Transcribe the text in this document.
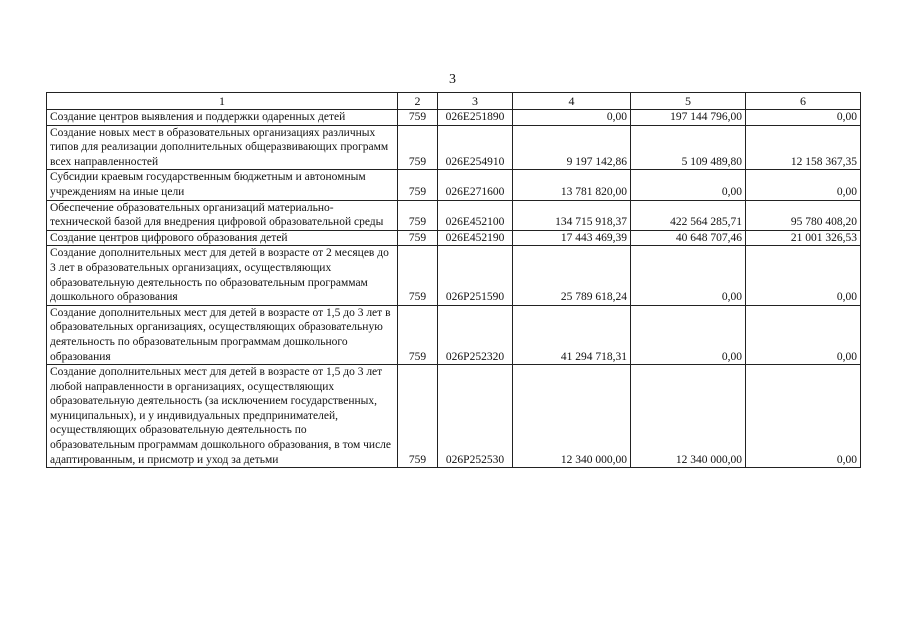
3
1	2	3	4	5	6
Создание центров выявления и поддержки одаренных детей	759	026E251890	0,00	197 144 796,00	0,00
Создание новых мест в образовательных организациях различных типов для реализации дополнительных общеразвивающих программ всех направленностей	759	026E254910	9 197 142,86	5 109 489,80	12 158 367,35
Субсидии краевым государственным бюджетным и автономным учреждениям на иные цели	759	026E271600	13 781 820,00	0,00	0,00
Обеспечение образовательных организаций материально-технической базой для внедрения цифровой образовательной среды	759	026E452100	134 715 918,37	422 564 285,71	95 780 408,20
Создание центров цифрового образования детей	759	026E452190	17 443 469,39	40 648 707,46	21 001 326,53
Создание дополнительных мест для детей в возрасте от 2 месяцев до 3 лет в образовательных организациях, осуществляющих образовательную деятельность по образовательным программам дошкольного образования	759	026P251590	25 789 618,24	0,00	0,00
Создание дополнительных мест для детей в возрасте от 1,5 до 3 лет в образовательных организациях, осуществляющих образовательную деятельность по образовательным программам дошкольного образования	759	026P252320	41 294 718,31	0,00	0,00
Создание дополнительных мест для детей в возрасте от 1,5 до 3 лет любой направленности в организациях, осуществляющих образовательную деятельность (за исключением государственных, муниципальных), и у индивидуальных предпринимателей, осуществляющих образовательную деятельность по образовательным программам дошкольного образования, в том числе адаптированным, и присмотр и уход за детьми	759	026P252530	12 340 000,00	12 340 000,00	0,00
